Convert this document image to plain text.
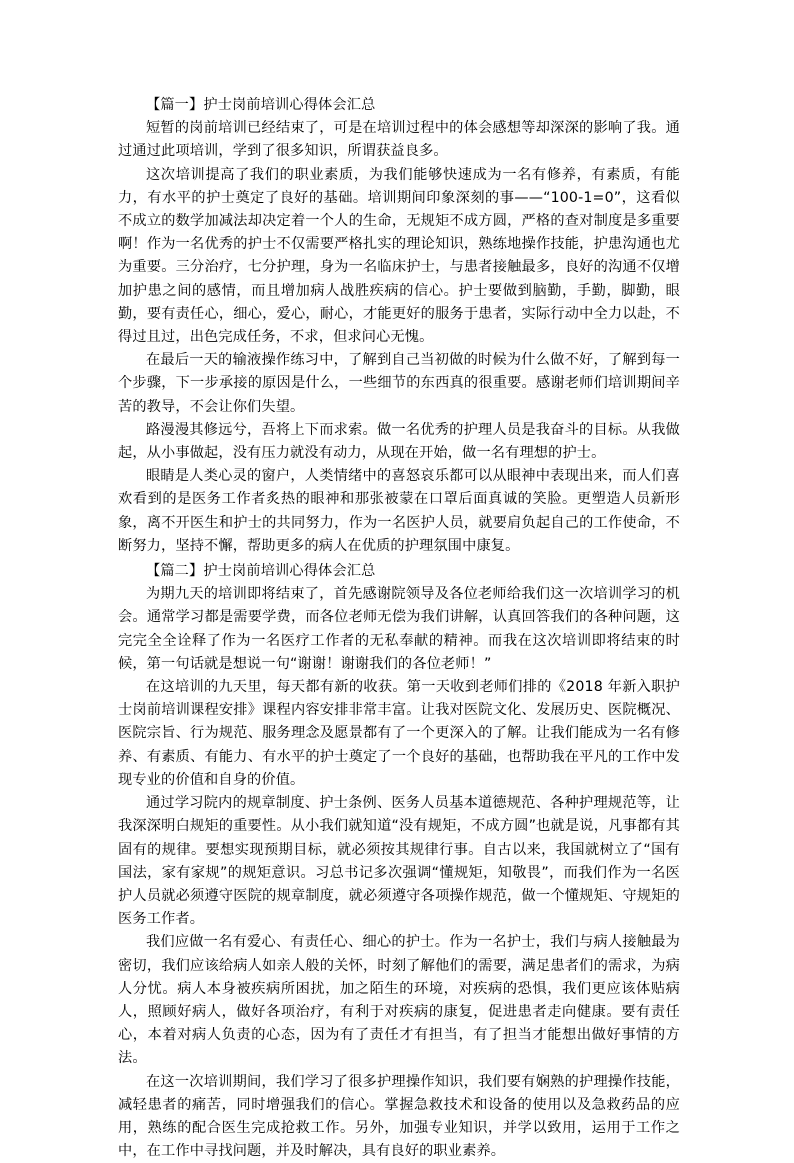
【篇一】护士岗前培训心得体会汇总

短暂的岗前培训已经结束了，可是在培训过程中的体会感想等却深深的影响了我。通过通过此项培训，学到了很多知识，所谓获益良多。

这次培训提高了我们的职业素质，为我们能够快速成为一名有修养，有素质，有能力，有水平的护士奠定了良好的基础。培训期间印象深刻的事——“100-1=0”，这看似不成立的数学加减法却决定着一个人的生命，无规矩不成方圆，严格的查对制度是多重要啊！作为一名优秀的护士不仅需要严格扎实的理论知识，熟练地操作技能，护患沟通也尤为重要。三分治疗，七分护理，身为一名临床护士，与患者接触最多，良好的沟通不仅增加护患之间的感情，而且增加病人战胜疾病的信心。护士要做到脑勤，手勤，脚勤，眼勤，要有责任心，细心，爱心，耐心，才能更好的服务于患者，实际行动中全力以赴，不得过且过，出色完成任务，不求，但求问心无愧。

在最后一天的输液操作练习中，了解到自己当初做的时候为什么做不好，了解到每一个步骤，下一步承接的原因是什么，一些细节的东西真的很重要。感谢老师们培训期间辛苦的教导，不会让你们失望。

路漫漫其修远兮，吾将上下而求索。做一名优秀的护理人员是我奋斗的目标。从我做起，从小事做起，没有压力就没有动力，从现在开始，做一名有理想的护士。

眼睛是人类心灵的窗户，人类情绪中的喜怒哀乐都可以从眼神中表现出来，而人们喜欢看到的是医务工作者炙热的眼神和那张被蒙在口罩后面真诚的笑脸。更塑造人员新形象，离不开医生和护士的共同努力，作为一名医护人员，就要肩负起自己的工作使命，不断努力，坚持不懈，帮助更多的病人在优质的护理氛围中康复。

【篇二】护士岗前培训心得体会汇总

为期九天的培训即将结束了，首先感谢院领导及各位老师给我们这一次培训学习的机会。通常学习都是需要学费，而各位老师无偿为我们讲解，认真回答我们的各种问题，这完完全全诠释了作为一名医疗工作者的无私奉献的精神。而我在这次培训即将结束的时候，第一句话就是想说一句“谢谢！谢谢我们的各位老师！”

在这培训的九天里，每天都有新的收获。第一天收到老师们排的《2018 年新入职护士岗前培训课程安排》课程内容安排非常丰富。让我对医院文化、发展历史、医院概况、医院宗旨、行为规范、服务理念及愿景都有了一个更深入的了解。让我们能成为一名有修养、有素质、有能力、有水平的护士奠定了一个良好的基础，也帮助我在平凡的工作中发现专业的价值和自身的价值。

通过学习院内的规章制度、护士条例、医务人员基本道德规范、各种护理规范等，让我深深明白规矩的重要性。从小我们就知道“没有规矩，不成方圆”也就是说，凡事都有其固有的规律。要想实现预期目标，就必须按其规律行事。自古以来，我国就树立了“国有国法，家有家规”的规矩意识。习总书记多次强调“懂规矩，知敬畏”，而我们作为一名医护人员就必须遵守医院的规章制度，就必须遵守各项操作规范，做一个懂规矩、守规矩的医务工作者。

我们应做一名有爱心、有责任心、细心的护士。作为一名护士，我们与病人接触最为密切，我们应该给病人如亲人般的关怀，时刻了解他们的需要，满足患者们的需求，为病人分忧。病人本身被疾病所困扰，加之陌生的环境，对疾病的恐惧，我们更应该体贴病人，照顾好病人，做好各项治疗，有利于对疾病的康复，促进患者走向健康。要有责任心，本着对病人负责的心态，因为有了责任才有担当，有了担当才能想出做好事情的方法。

在这一次培训期间，我们学习了很多护理操作知识，我们要有娴熟的护理操作技能，减轻患者的痛苦，同时增强我们的信心。掌握急救技术和设备的使用以及急救药品的应用，熟练的配合医生完成抢救工作。另外，加强专业知识，并学以致用，运用于工作之中，在工作中寻找问题，并及时解决，具有良好的职业素养。
